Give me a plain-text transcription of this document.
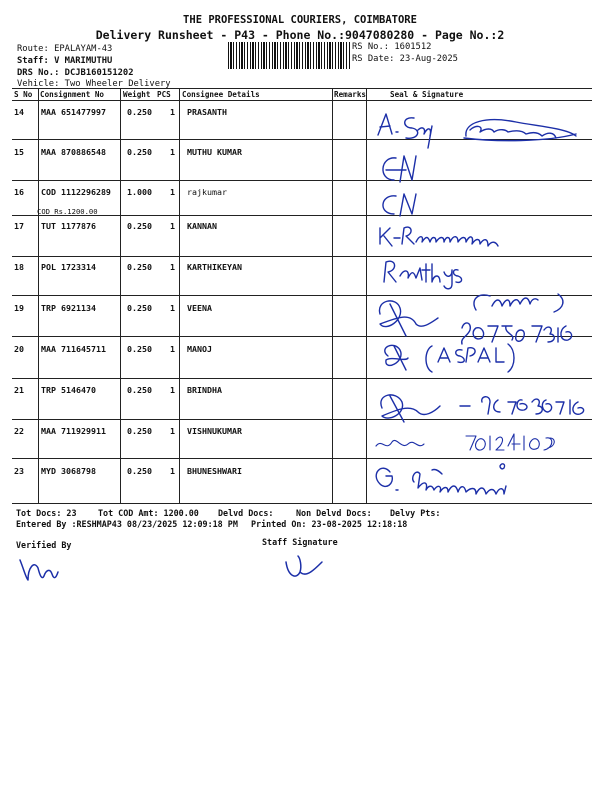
THE PROFESSIONAL COURIERS, COIMBATORE
Delivery Runsheet - P43 - Phone No.:9047080280 - Page No.:2
Route: EPALAYAM-43
Staff: V MARIMUTHU
DRS No.: DCJB160151202
Vehicle: Two Wheeler Delivery
RS No.: 1601512
RS Date: 23-Aug-2025
S No Consignment No Weight PCS Consignee Details	Remarks	Seal & Signature
14 MAA 651477997	0.250 1 PRASANTH
15 MAA 870886548	0.250 1 MUTHU KUMAR
16 COD 1112296289 1.000 1 rajkumar
COD Rs.1200.00
17 TUT 1177876	0.250 1 KANNAN
18 POL 1723314	0.250 1 KARTHIKEYAN
19 TRP 6921134	0.250 1 VEENA
20 MAA 711645711	0.250 1 MANOJ
21 TRP 5146470	0.250 1 BRINDHA
22 MAA 711929911	0.250 1 VISHNUKUMAR
23 MYD 3068798	0.250 1 BHUNESHWARI
Tot Docs: 23	Tot COD Amt: 1200.00 Delvd Docs:	Non Delvd Docs: Delvy Pts:
Entered By :RESHMAP43 08/23/2025 12:09:18 PM Printed On: 23-08-2025 12:18:18
Verified By	Staff Signature
